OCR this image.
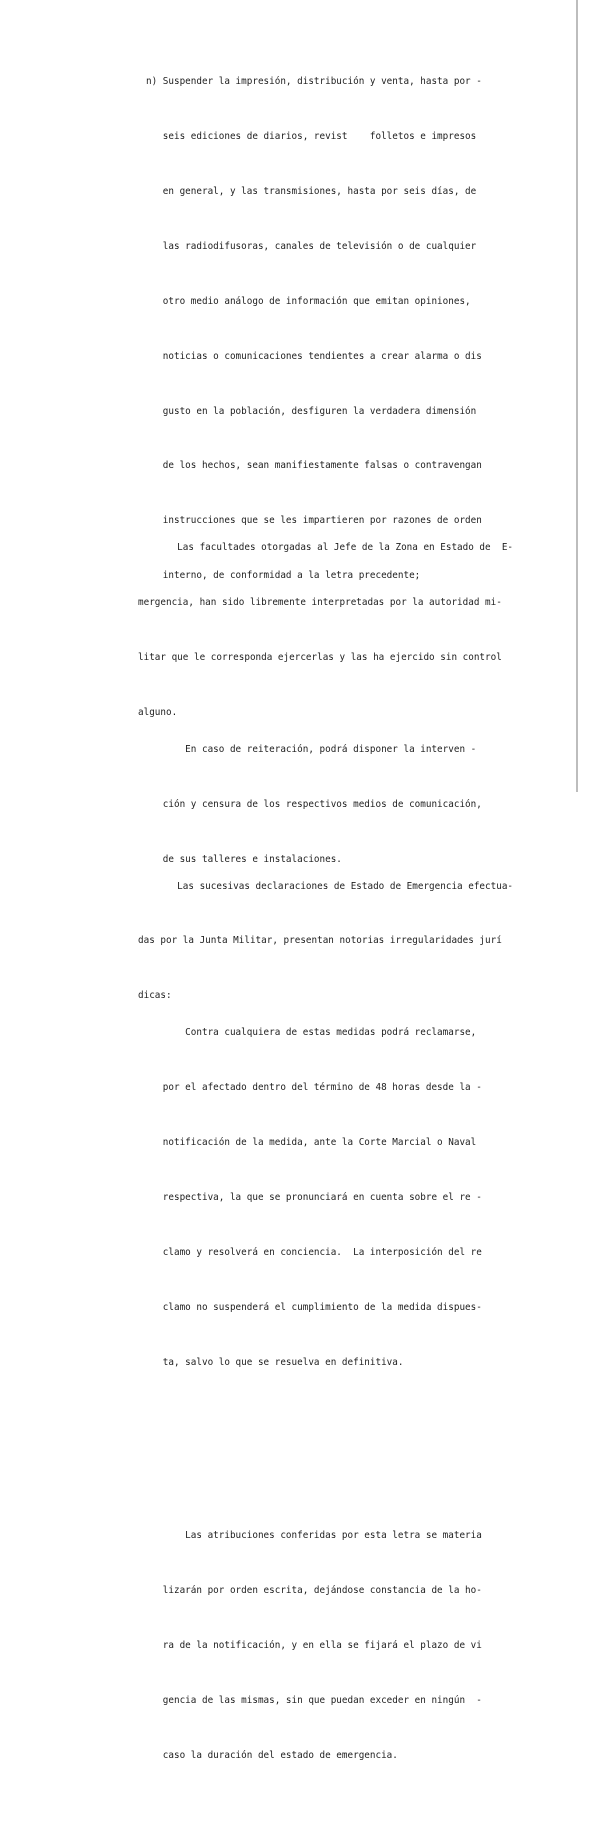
n) Suspender la impresión, distribución y venta, hasta por -

seis ediciones de diarios, revist    folletos e impresos

en general, y las transmisiones, hasta por seis días, de

las radiodifusoras, canales de televisión o de cualquier

otro medio análogo de información que emitan opiniones,

noticias o comunicaciones tendientes a crear alarma o dis

gusto en la población, desfiguren la verdadera dimensión

de los hechos, sean manifiestamente falsas o contravengan

instrucciones que se les impartieren por razones de orden

interno, de conformidad a la letra precedente;

En caso de reiteración, podrá disponer la interven -

ción y censura de los respectivos medios de comunicación,

de sus talleres e instalaciones.

Contra cualquiera de estas medidas podrá reclamarse,

por el afectado dentro del término de 48 horas desde la -

notificación de la medida, ante la Corte Marcial o Naval

respectiva, la que se pronunciará en cuenta sobre el re -

clamo y resolverá en conciencia.  La interposición del re

clamo no suspenderá el cumplimiento de la medida dispues-

ta, salvo lo que se resuelva en definitiva.

Las atribuciones conferidas por esta letra se materia

lizarán por orden escrita, dejándose constancia de la ho-

ra de la notificación, y en ella se fijará el plazo de vi

gencia de las mismas, sin que puedan exceder en ningún  -

caso la duración del estado de emergencia.

Las facultades otorgadas al Jefe de la Zona en Estado de  E-

mergencia, han sido libremente interpretadas por la autoridad mi-

litar que le corresponda ejercerlas y las ha ejercido sin control

alguno.

Las sucesivas declaraciones de Estado de Emergencia efectua-

das por la Junta Militar, presentan notorias irregularidades jurí

dicas:
